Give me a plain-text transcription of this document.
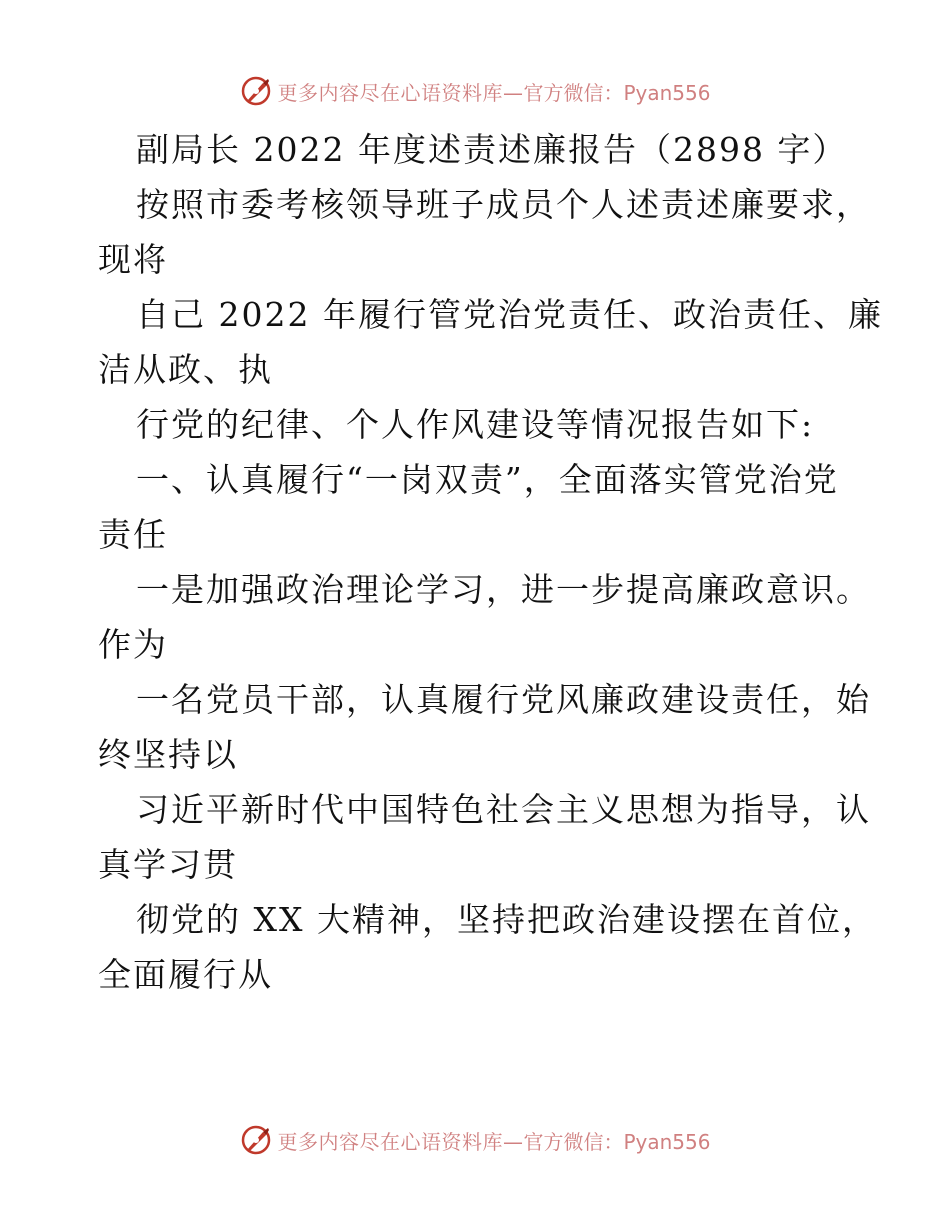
更多内容尽在心语资料库— 官方微信：Pyan556
副局长 2022 年度述责述廉报告（2898 字）
按照市委考核领导班子成员个人述责述廉要求，
现将
自己 2022 年履行管党治党责任、政治责任、廉
洁从政、执
行党的纪律、个人作风建设等情况报告如下:
一、认真履行“一岗双责”，全面落实管党治党
责任
一是加强政治理论学习，进一步提高廉政意识。
作为
一名党员干部，认真履行党风廉政建设责任，始
终坚持以
习近平新时代中国特色社会主义思想为指导，认
真学习贯
彻党的 XX 大精神，坚持把政治建设摆在首位，
全面履行从
更多内容尽在心语资料库— 官方微信：Pyan556
